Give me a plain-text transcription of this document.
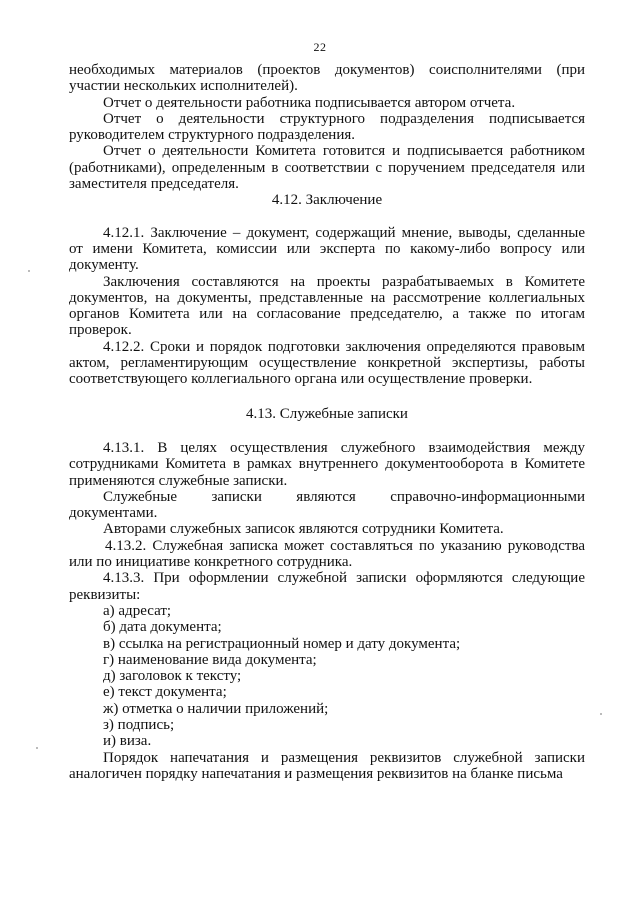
22

необходимых материалов (проектов документов) соисполнителями (при участии нескольких исполнителей).

Отчет о деятельности работника подписывается автором отчета.

Отчет о деятельности структурного подразделения подписывается руководителем структурного подразделения.

Отчет о деятельности Комитета готовится и подписывается работником (работниками), определенным в соответствии с поручением председателя или заместителя председателя.

4.12. Заключение

4.12.1. Заключение – документ, содержащий мнение, выводы, сделанные от имени Комитета, комиссии или эксперта по какому-либо вопросу или документу.

Заключения составляются на проекты разрабатываемых в Комитете документов, на документы, представленные на рассмотрение коллегиальных органов Комитета или на согласование председателю, а также по итогам проверок.

4.12.2. Сроки и порядок подготовки заключения определяются правовым актом, регламентирующим осуществление конкретной экспертизы, работы соответствующего коллегиального органа или осуществление проверки.

4.13. Служебные записки

4.13.1. В целях осуществления служебного взаимодействия между сотрудниками Комитета в рамках внутреннего документооборота в Комитете применяются служебные записки.

Служебные записки являются справочно-информационными документами.

Авторами служебных записок являются сотрудники Комитета.

4.13.2. Служебная записка может составляться по указанию руководства или по инициативе конкретного сотрудника.

4.13.3. При оформлении служебной записки оформляются следующие реквизиты:

а) адресат;

б) дата документа;

в) ссылка на регистрационный номер и дату документа;

г) наименование вида документа;

д) заголовок к тексту;

е) текст документа;

ж) отметка о наличии приложений;

з) подпись;

и) виза.

Порядок напечатания и размещения реквизитов служебной записки аналогичен порядку напечатания и размещения реквизитов на бланке письма
